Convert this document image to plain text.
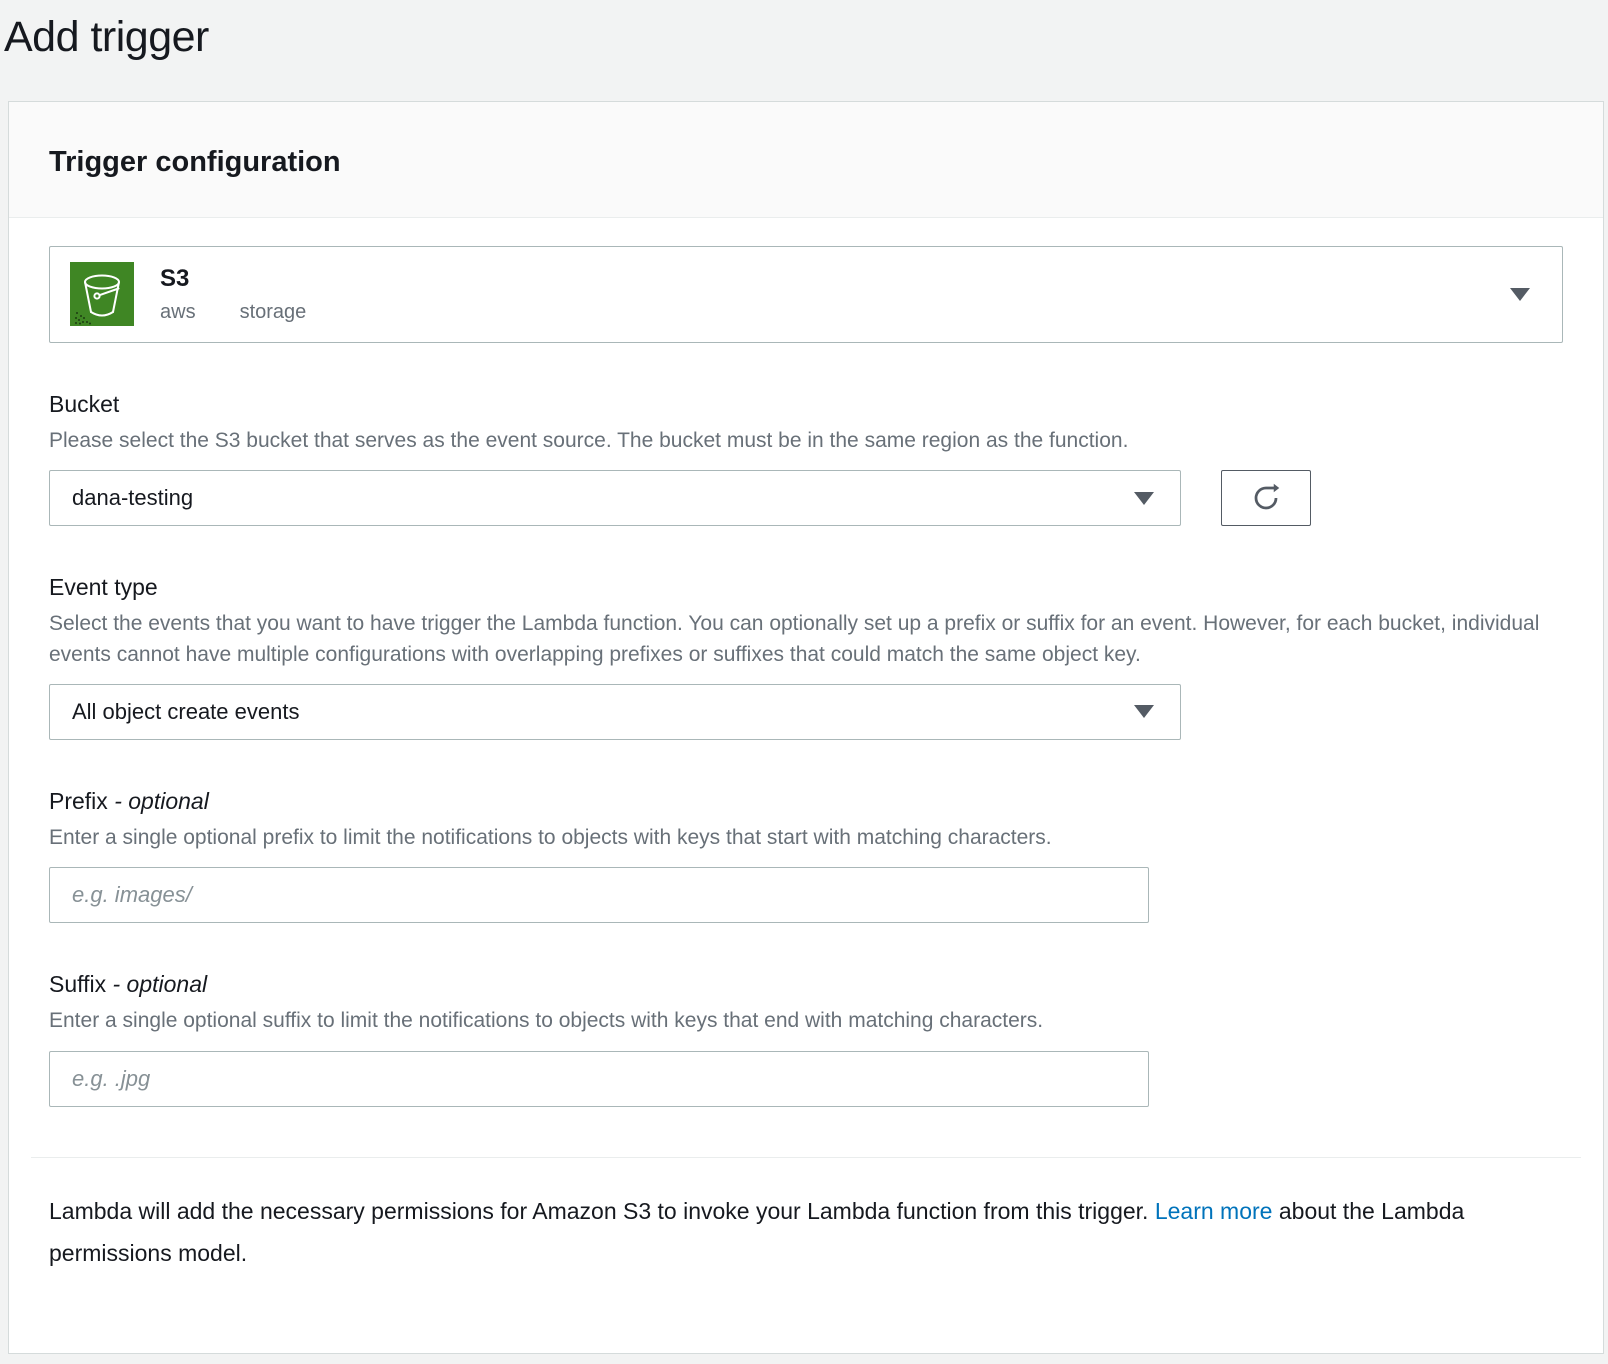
Add trigger
Trigger configuration
S3
aws storage
Bucket
Please select the S3 bucket that serves as the event source. The bucket must be in the same region as the function.
dana-testing
Event type
Select the events that you want to have trigger the Lambda function. You can optionally set up a prefix or suffix for an event. However, for each bucket, individual events cannot have multiple configurations with overlapping prefixes or suffixes that could match the same object key.
All object create events
Prefix - optional
Enter a single optional prefix to limit the notifications to objects with keys that start with matching characters.
e.g. images/
Suffix - optional
Enter a single optional suffix to limit the notifications to objects with keys that end with matching characters.
e.g. .jpg

Lambda will add the necessary permissions for Amazon S3 to invoke your Lambda function from this trigger. Learn more about the Lambda permissions model.
